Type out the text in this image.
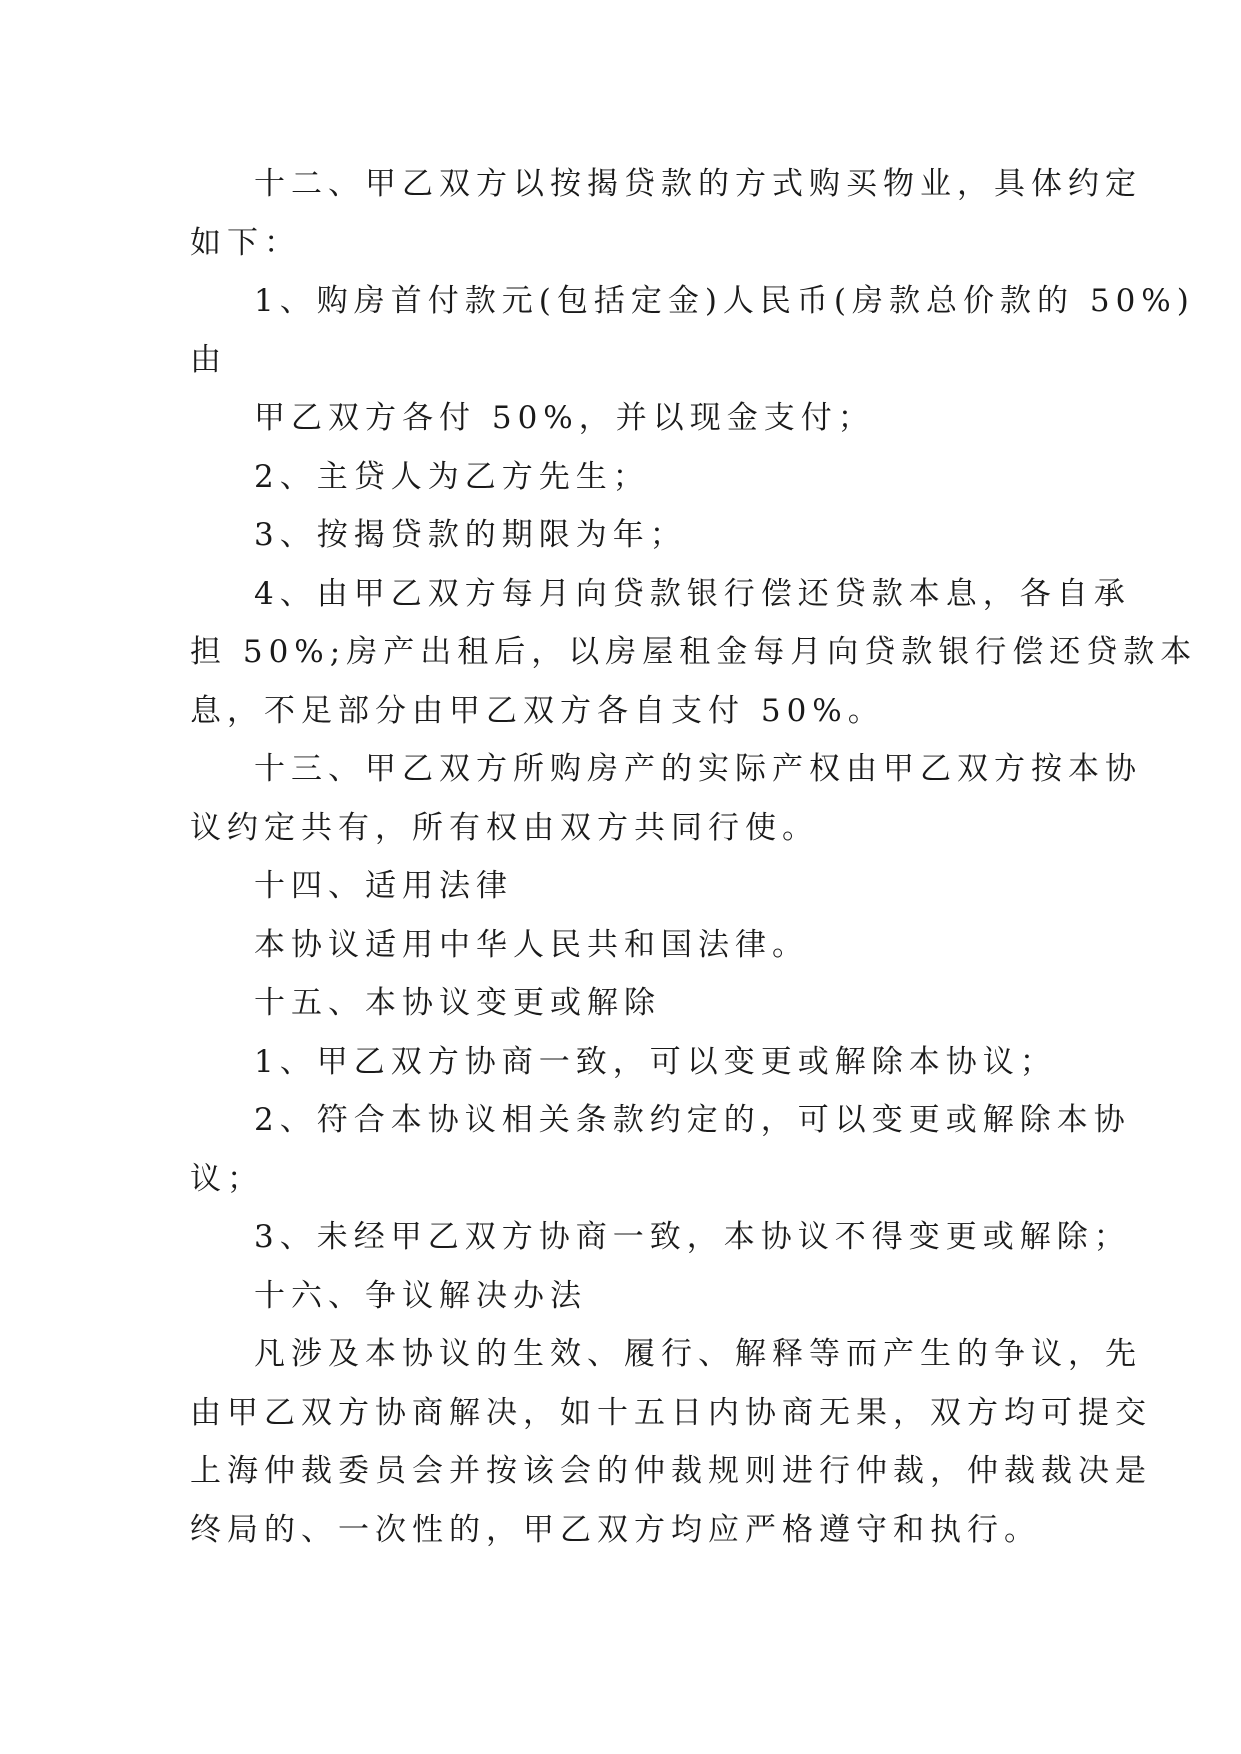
十二、甲乙双方以按揭贷款的方式购买物业，具体约定
如下：
1、购房首付款元(包括定金)人民币(房款总价款的 50%)
由
甲乙双方各付 50%，并以现金支付；
2、主贷人为乙方先生；
3、按揭贷款的期限为年；
4、由甲乙双方每月向贷款银行偿还贷款本息，各自承
担 50%;房产出租后，以房屋租金每月向贷款银行偿还贷款本
息，不足部分由甲乙双方各自支付 50%。
十三、甲乙双方所购房产的实际产权由甲乙双方按本协
议约定共有，所有权由双方共同行使。
十四、适用法律
本协议适用中华人民共和国法律。
十五、本协议变更或解除
1、甲乙双方协商一致，可以变更或解除本协议；
2、符合本协议相关条款约定的，可以变更或解除本协
议；
3、未经甲乙双方协商一致，本协议不得变更或解除；
十六、争议解决办法
凡涉及本协议的生效、履行、解释等而产生的争议，先
由甲乙双方协商解决，如十五日内协商无果，双方均可提交
上海仲裁委员会并按该会的仲裁规则进行仲裁，仲裁裁决是
终局的、一次性的，甲乙双方均应严格遵守和执行。
